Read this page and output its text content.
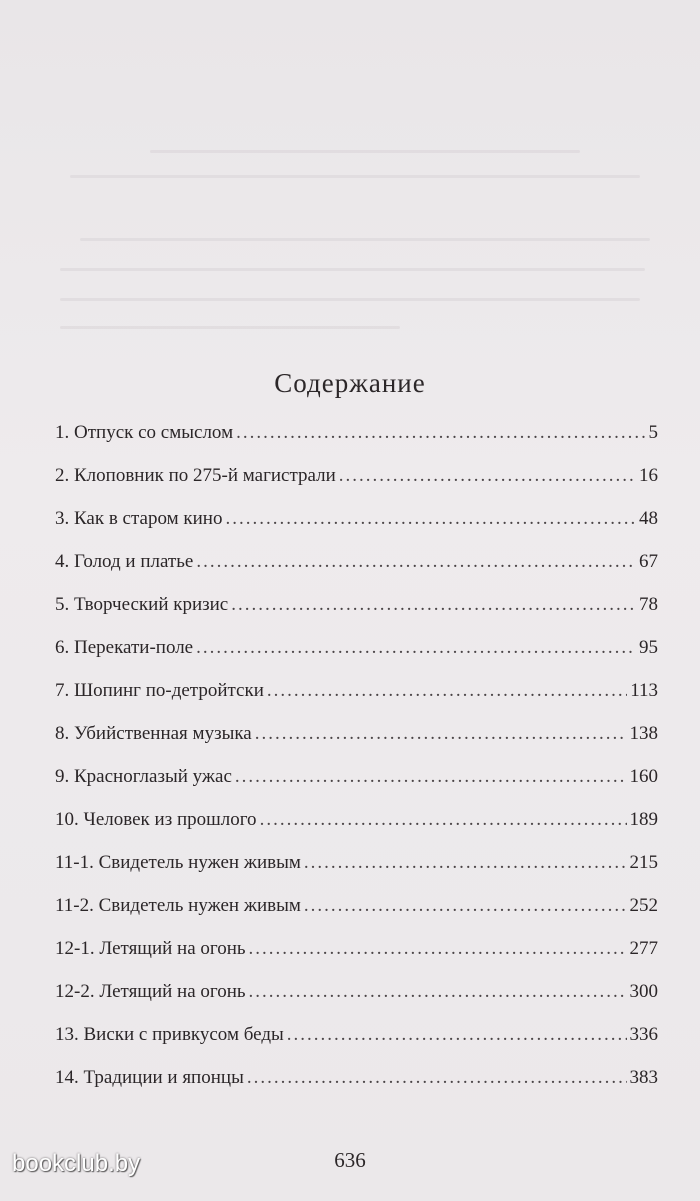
Содержание
1. Отпуск со смыслом .....	5
2. Клоповник по 275-й магистрали .....	16
3. Как в старом кино .....	48
4. Голод и платье .....	67
5. Творческий кризис .....	78
6. Перекати-поле .....	95
7. Шопинг по-детройтски .....	113
8. Убийственная музыка .....	138
9. Красноглазый ужас .....	160
10. Человек из прошлого .....	189
11-1. Свидетель нужен живым .....	215
11-2. Свидетель нужен живым .....	252
12-1. Летящий на огонь .....	277
12-2. Летящий на огонь .....	300
13. Виски с привкусом беды .....	336
14. Традиции и японцы .....	383
636
bookclub.by
